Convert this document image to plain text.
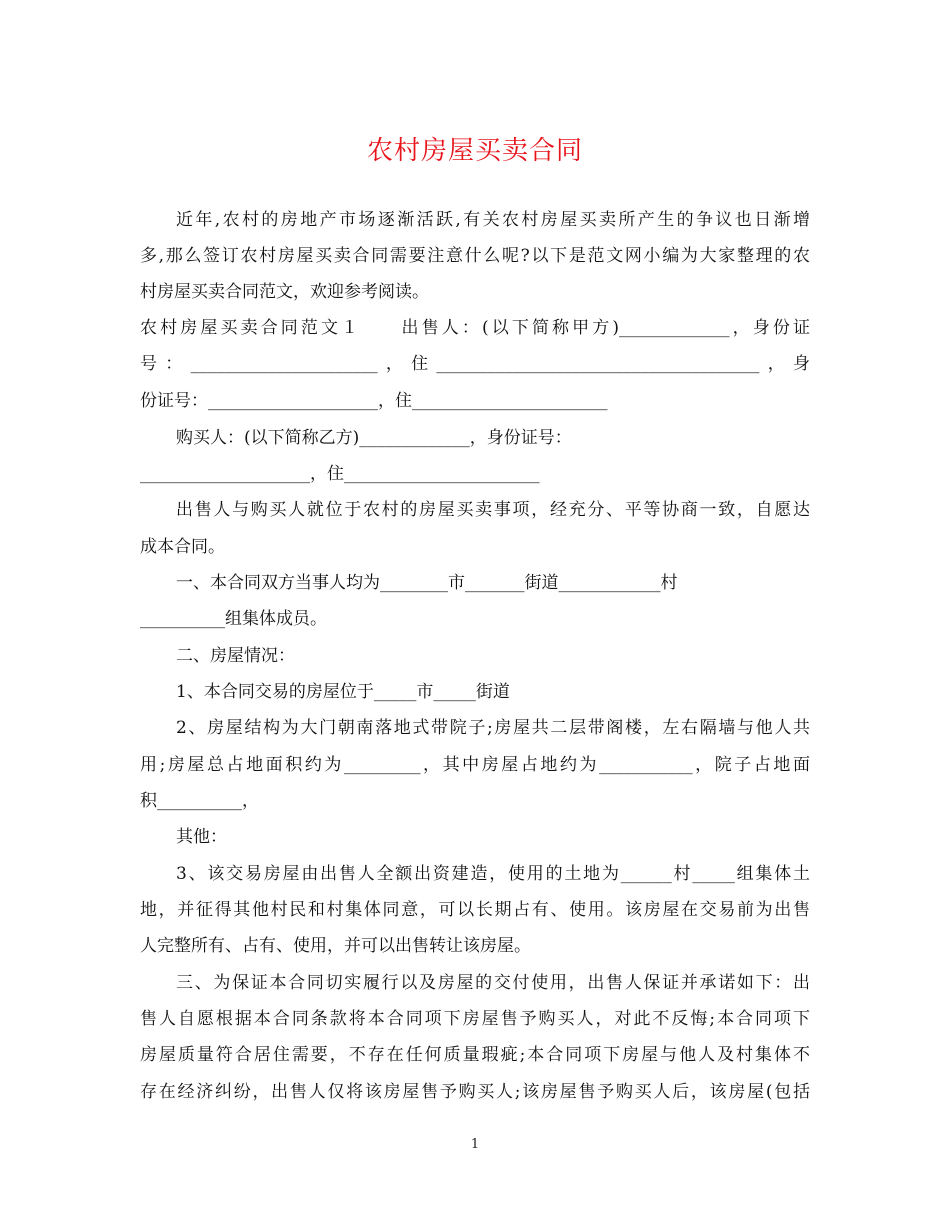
农村房屋买卖合同
近年,农村的房地产市场逐渐活跃,有关农村房屋买卖所产生的争议也日渐增
多,那么签订农村房屋买卖合同需要注意什么呢?以下是范文网小编为大家整理的农
村房屋买卖合同范文，欢迎参考阅读。
农村房屋买卖合同范文１　　出售人：(以下简称甲方)_____________，身份证
号：______________________，住______________________________________，身
份证号：____________________，住_______________________
购买人：(以下简称乙方)_____________，身份证号：
____________________，住_______________________
出售人与购买人就位于农村的房屋买卖事项，经充分、平等协商一致，自愿达
成本合同。
一、本合同双方当事人均为________市_______街道____________村
__________组集体成员。
二、房屋情况：
1、本合同交易的房屋位于_____市_____街道
2、房屋结构为大门朝南落地式带院子;房屋共二层带阁楼，左右隔墙与他人共
用;房屋总占地面积约为_________，其中房屋占地约为___________，院子占地面
积__________，
其他：
3、该交易房屋由出售人全额出资建造，使用的土地为______村_____组集体土
地，并征得其他村民和村集体同意，可以长期占有、使用。该房屋在交易前为出售
人完整所有、占有、使用，并可以出售转让该房屋。
三、为保证本合同切实履行以及房屋的交付使用，出售人保证并承诺如下：出
售人自愿根据本合同条款将本合同项下房屋售予购买人，对此不反悔;本合同项下
房屋质量符合居住需要，不存在任何质量瑕疵;本合同项下房屋与他人及村集体不
存在经济纠纷，出售人仅将该房屋售予购买人;该房屋售予购买人后，该房屋(包括
1
